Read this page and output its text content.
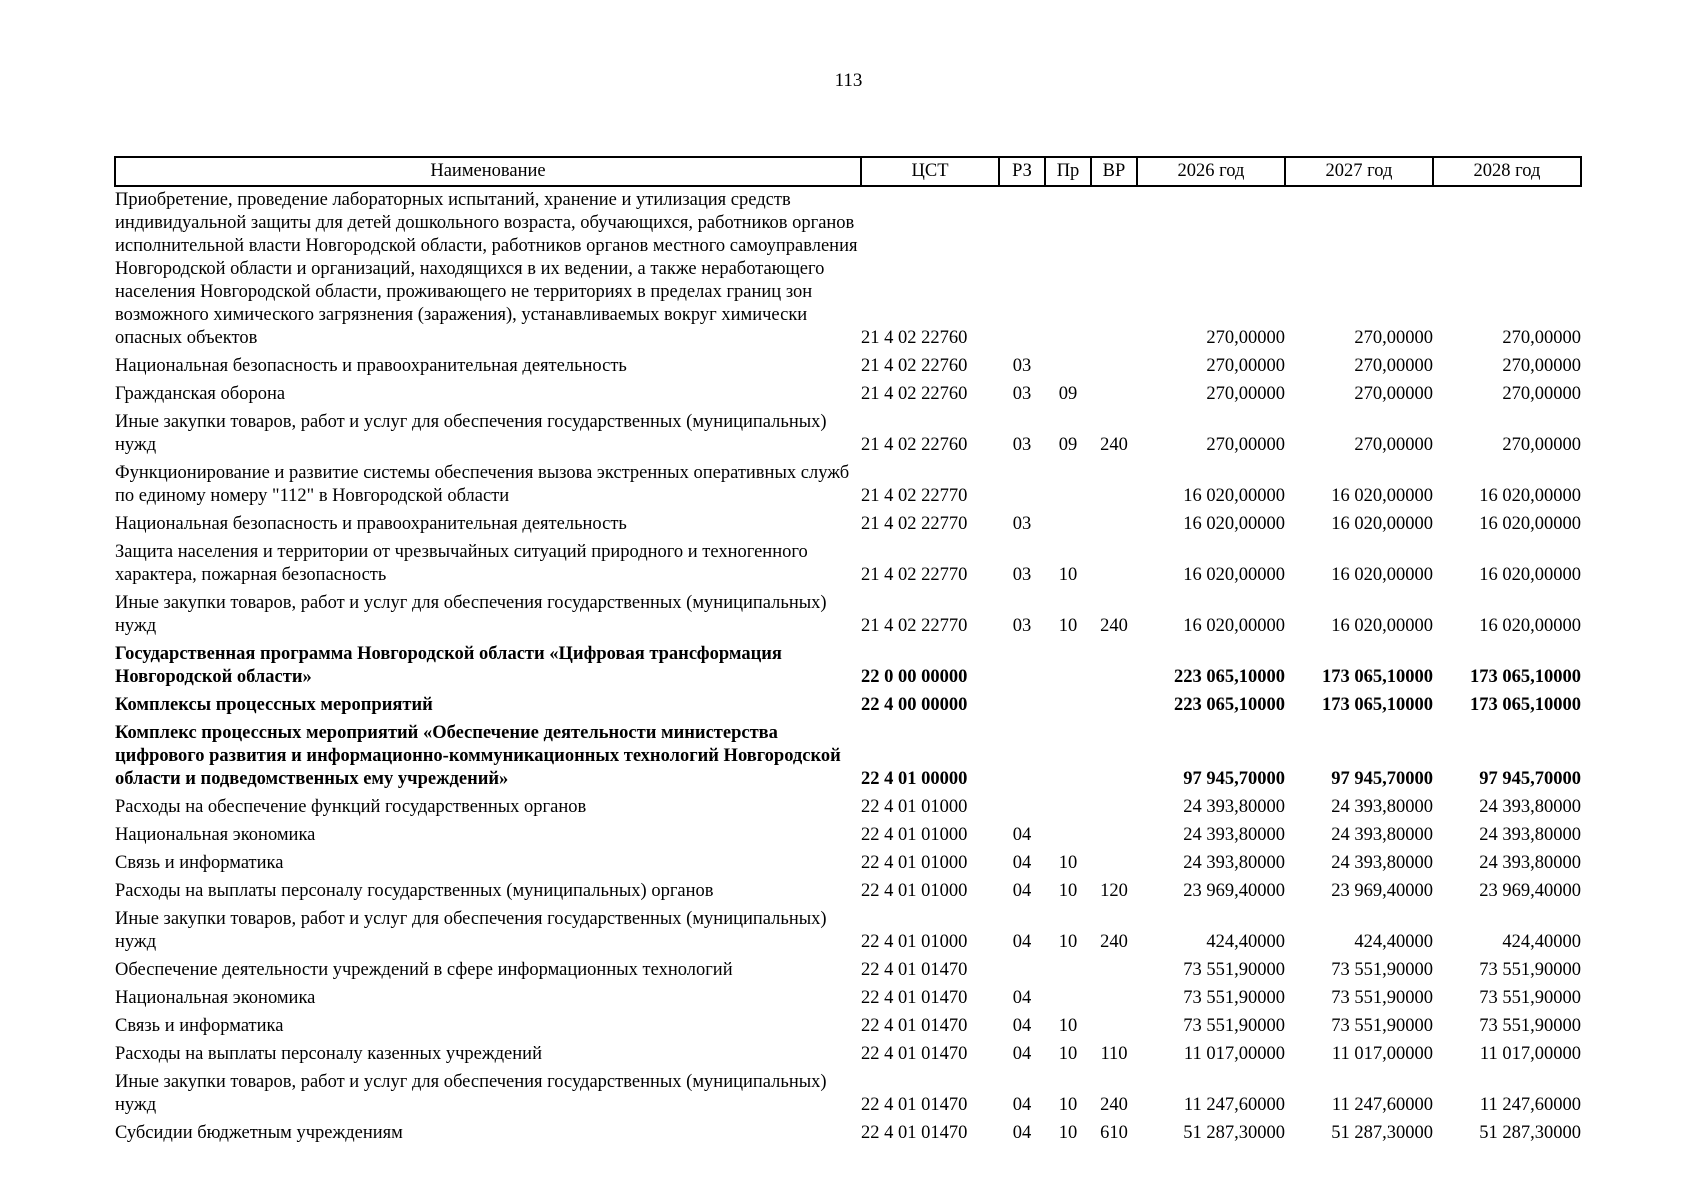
113
Наименование	ЦСТ	РЗ	Пр	ВР	2026 год	2027 год	2028 год
Приобретение, проведение лабораторных испытаний, хранение и утилизация средств индивидуальной защиты для детей дошкольного возраста, обучающихся, работников органов исполнительной власти Новгородской области, работников органов местного самоуправления Новгородской области и организаций, находящихся в их ведении, а также неработающего населения Новгородской области, проживающего не территориях в пределах границ зон возможного химического загрязнения (заражения), устанавливаемых вокруг химически опасных объектов	21 4 02 22760				270,00000	270,00000	270,00000
Национальная безопасность и правоохранительная деятельность	21 4 02 22760	03			270,00000	270,00000	270,00000
Гражданская оборона	21 4 02 22760	03	09		270,00000	270,00000	270,00000
Иные закупки товаров, работ и услуг для обеспечения государственных (муниципальных) нужд	21 4 02 22760	03	09	240	270,00000	270,00000	270,00000
Функционирование и развитие системы обеспечения вызова экстренных оперативных служб по единому номеру "112" в Новгородской области	21 4 02 22770				16 020,00000	16 020,00000	16 020,00000
Национальная безопасность и правоохранительная деятельность	21 4 02 22770	03			16 020,00000	16 020,00000	16 020,00000
Защита населения и территории от чрезвычайных ситуаций природного и техногенного характера, пожарная безопасность	21 4 02 22770	03	10		16 020,00000	16 020,00000	16 020,00000
Иные закупки товаров, работ и услуг для обеспечения государственных (муниципальных) нужд	21 4 02 22770	03	10	240	16 020,00000	16 020,00000	16 020,00000
Государственная программа Новгородской области «Цифровая трансформация Новгородской области»	22 0 00 00000				223 065,10000	173 065,10000	173 065,10000
Комплексы процессных мероприятий	22 4 00 00000				223 065,10000	173 065,10000	173 065,10000
Комплекс процессных мероприятий «Обеспечение деятельности министерства цифрового развития и информационно-коммуникационных технологий Новгородской области и подведомственных ему учреждений»	22 4 01 00000				97 945,70000	97 945,70000	97 945,70000
Расходы на обеспечение функций государственных органов	22 4 01 01000				24 393,80000	24 393,80000	24 393,80000
Национальная экономика	22 4 01 01000	04			24 393,80000	24 393,80000	24 393,80000
Связь и информатика	22 4 01 01000	04	10		24 393,80000	24 393,80000	24 393,80000
Расходы на выплаты персоналу государственных (муниципальных) органов	22 4 01 01000	04	10	120	23 969,40000	23 969,40000	23 969,40000
Иные закупки товаров, работ и услуг для обеспечения государственных (муниципальных) нужд	22 4 01 01000	04	10	240	424,40000	424,40000	424,40000
Обеспечение деятельности учреждений в сфере информационных технологий	22 4 01 01470				73 551,90000	73 551,90000	73 551,90000
Национальная экономика	22 4 01 01470	04			73 551,90000	73 551,90000	73 551,90000
Связь и информатика	22 4 01 01470	04	10		73 551,90000	73 551,90000	73 551,90000
Расходы на выплаты персоналу казенных учреждений	22 4 01 01470	04	10	110	11 017,00000	11 017,00000	11 017,00000
Иные закупки товаров, работ и услуг для обеспечения государственных (муниципальных) нужд	22 4 01 01470	04	10	240	11 247,60000	11 247,60000	11 247,60000
Субсидии бюджетным учреждениям	22 4 01 01470	04	10	610	51 287,30000	51 287,30000	51 287,30000
